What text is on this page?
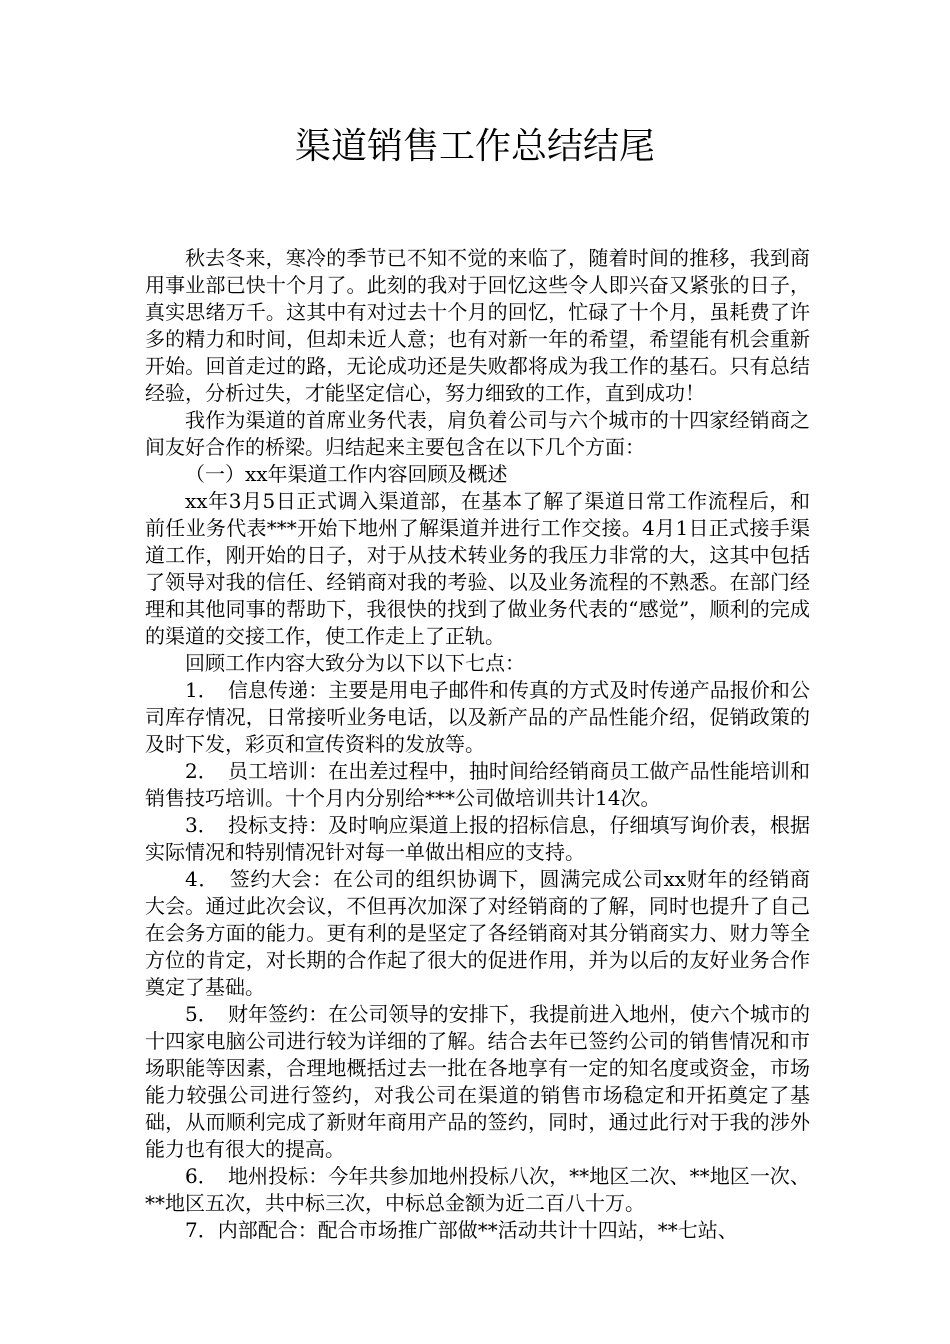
渠道销售工作总结结尾

秋去冬来，寒冷的季节已不知不觉的来临了，随着时间的推移，我到商用事业部已快十个月了。此刻的我对于回忆这些令人即兴奋又紧张的日子，真实思绪万千。这其中有对过去十个月的回忆，忙碌了十个月，虽耗费了许多的精力和时间，但却未近人意；也有对新一年的希望，希望能有机会重新开始。回首走过的路，无论成功还是失败都将成为我工作的基石。只有总结经验，分析过失，才能坚定信心，努力细致的工作，直到成功！

我作为渠道的首席业务代表，肩负着公司与六个城市的十四家经销商之间友好合作的桥梁。归结起来主要包含在以下几个方面：

（一）xx年渠道工作内容回顾及概述

xx年3月5日正式调入渠道部，在基本了解了渠道日常工作流程后，和前任业务代表***开始下地州了解渠道并进行工作交接。4月1日正式接手渠道工作，刚开始的日子，对于从技术转业务的我压力非常的大，这其中包括了领导对我的信任、经销商对我的考验、以及业务流程的不熟悉。在部门经理和其他同事的帮助下，我很快的找到了做业务代表的“感觉”，顺利的完成的渠道的交接工作，使工作走上了正轨。

回顾工作内容大致分为以下以下七点：

1．　信息传递：主要是用电子邮件和传真的方式及时传递产品报价和公司库存情况，日常接听业务电话，以及新产品的产品性能介绍，促销政策的及时下发，彩页和宣传资料的发放等。

2．　员工培训：在出差过程中，抽时间给经销商员工做产品性能培训和销售技巧培训。十个月内分别给***公司做培训共计14次。

3．　投标支持：及时响应渠道上报的招标信息，仔细填写询价表，根据实际情况和特别情况针对每一单做出相应的支持。

4．　签约大会：在公司的组织协调下，圆满完成公司xx财年的经销商大会。通过此次会议，不但再次加深了对经销商的了解，同时也提升了自己在会务方面的能力。更有利的是坚定了各经销商对其分销商实力、财力等全方位的肯定，对长期的合作起了很大的促进作用，并为以后的友好业务合作奠定了基础。

5．　财年签约：在公司领导的安排下，我提前进入地州，使六个城市的十四家电脑公司进行较为详细的了解。结合去年已签约公司的销售情况和市场职能等因素，合理地概括过去一批在各地享有一定的知名度或资金，市场能力较强公司进行签约，对我公司在渠道的销售市场稳定和开拓奠定了基础，从而顺利完成了新财年商用产品的签约，同时，通过此行对于我的涉外能力也有很大的提高。

6．　地州投标：今年共参加地州投标八次，**地区二次、**地区一次、**地区五次，共中标三次，中标总金额为近二百八十万。

7．内部配合：配合市场推广部做**活动共计十四站，**七站、
